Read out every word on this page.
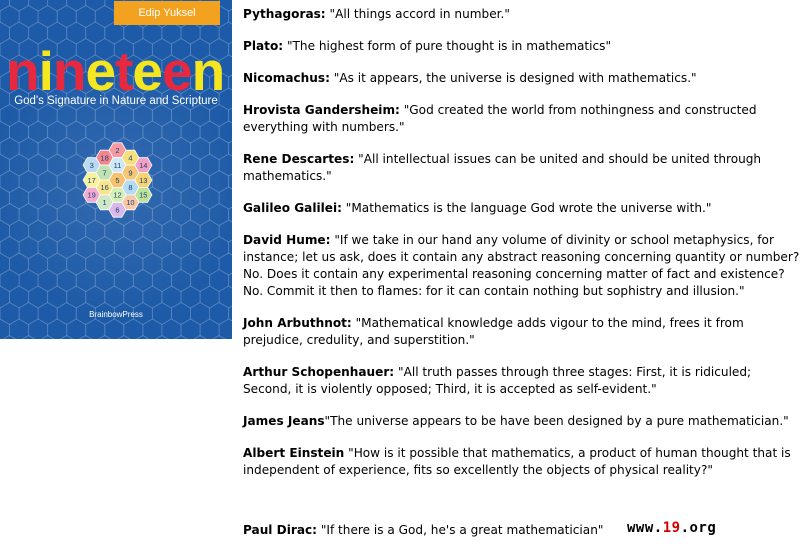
Edip Yuksel
nineteen
God's Signature in Nature and Scripture
3
17
19
18
7
16
1
2
11
5
12
6
4
9
8
10
14
13
15
BrainbowPress
Pythagoras: "All things accord in number."
Plato: "The highest form of pure thought is in mathematics"
Nicomachus: "As it appears, the universe is designed with mathematics."
Hrovista Gandersheim: "God created the world from nothingness and constructed everything with numbers."
Rene Descartes: "All intellectual issues can be united and should be united through mathematics."
Galileo Galilei: "Mathematics is the language God wrote the universe with."
David Hume: "If we take in our hand any volume of divinity or school metaphysics, for instance; let us ask, does it contain any abstract reasoning concerning quantity or number? No. Does it contain any experimental reasoning concerning matter of fact and existence? No. Commit it then to flames: for it can contain nothing but sophistry and illusion."
John Arbuthnot: "Mathematical knowledge adds vigour to the mind, frees it from prejudice, credulity, and superstition."
Arthur Schopenhauer: "All truth passes through three stages: First, it is ridiculed; Second, it is violently opposed; Third, it is accepted as self-evident."
James Jeans"The universe appears to be have been designed by a pure mathematician."
Albert Einstein "How is it possible that mathematics, a product of human thought that is independent of experience, fits so excellently the objects of physical reality?"
Paul Dirac: "If there is a God, he's a great mathematician" www.19.org
